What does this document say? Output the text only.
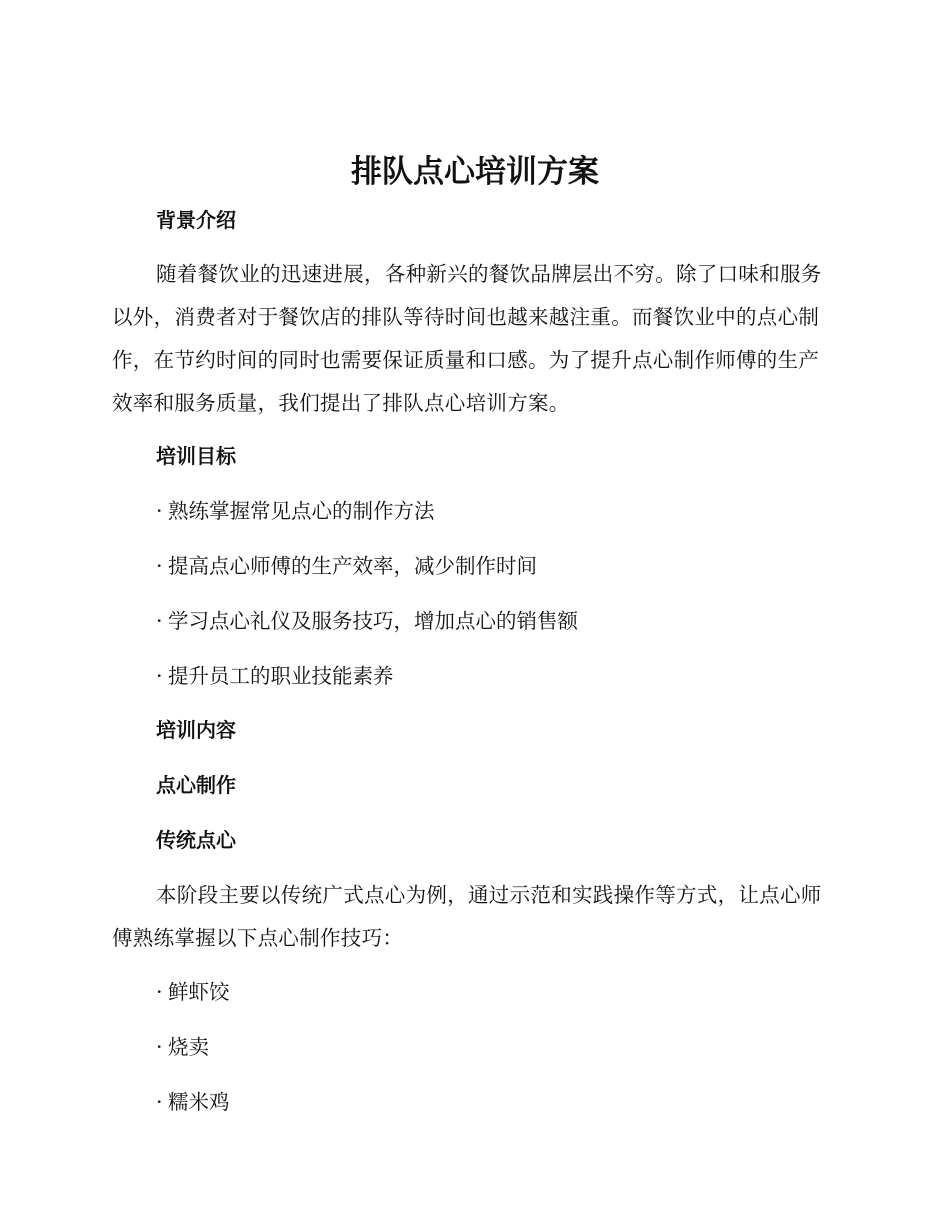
排队点心培训方案
背景介绍

随着餐饮业的迅速进展，各种新兴的餐饮品牌层出不穷。除了口味和服务以外，消费者对于餐饮店的排队等待时间也越来越注重。而餐饮业中的点心制作，在节约时间的同时也需要保证质量和口感。为了提升点心制作师傅的生产效率和服务质量，我们提出了排队点心培训方案。

培训目标

· 熟练掌握常见点心的制作方法

· 提高点心师傅的生产效率，减少制作时间

· 学习点心礼仪及服务技巧，增加点心的销售额

· 提升员工的职业技能素养

培训内容
点心制作
传统点心

本阶段主要以传统广式点心为例，通过示范和实践操作等方式，让点心师傅熟练掌握以下点心制作技巧：

· 鲜虾饺

· 烧卖

· 糯米鸡
